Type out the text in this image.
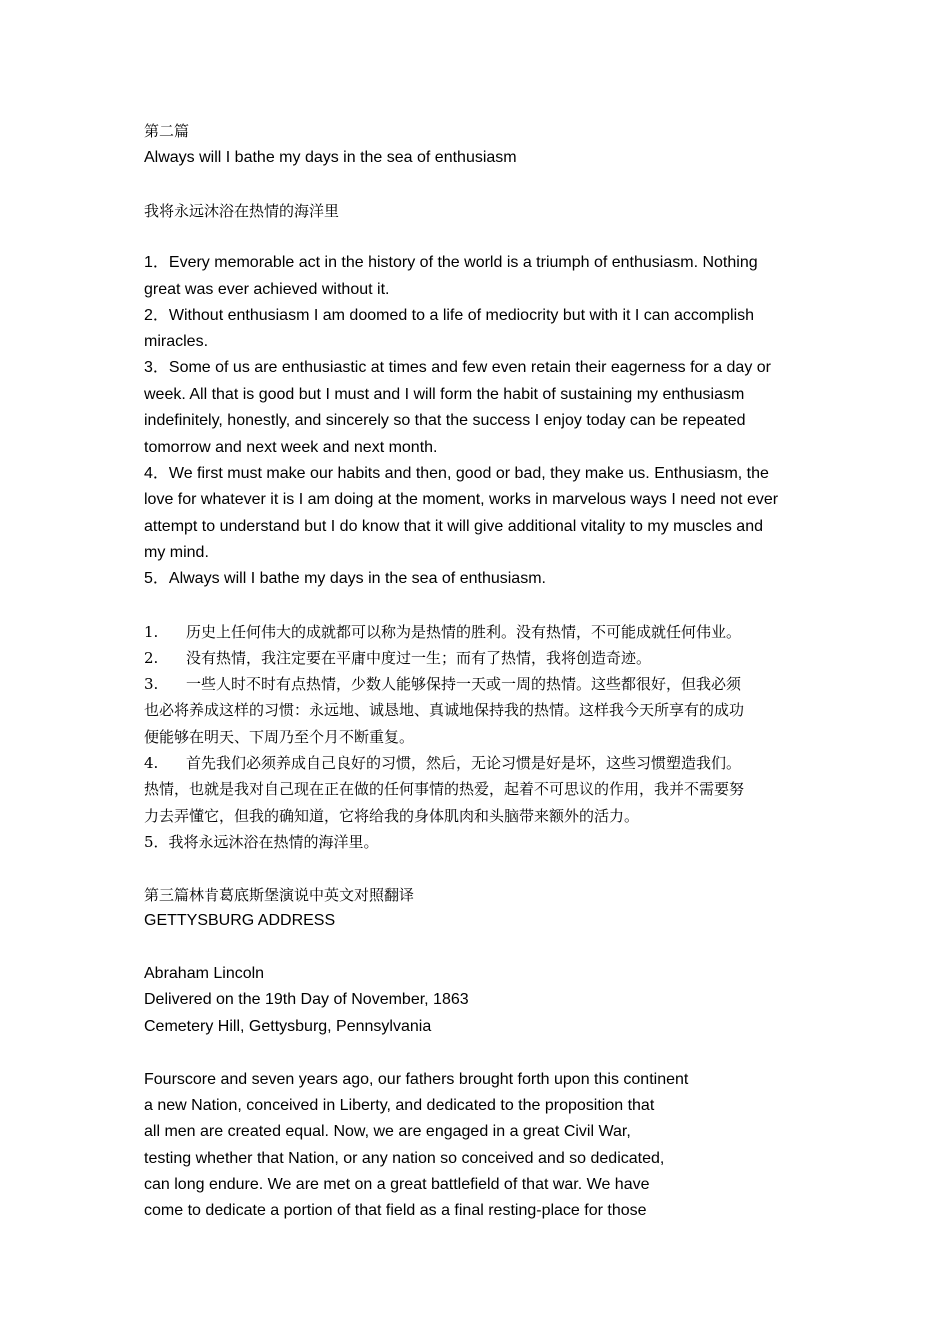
第二篇

Always will I bathe my days in the sea of enthusiasm

我将永远沐浴在热情的海洋里

1．Every memorable act in the history of the world is a triumph of enthusiasm. Nothing

great was ever achieved without it.

2．Without enthusiasm I am doomed to a life of mediocrity but with it I can accomplish

miracles.

3．Some of us are enthusiastic at times and few even retain their eagerness for a day or

week. All that is good but I must and I will form the habit of sustaining my enthusiasm

indefinitely, honestly, and sincerely so that the success I enjoy today can be repeated

tomorrow and next week and next month.

4．We first must make our habits and then, good or bad, they make us. Enthusiasm, the

love for whatever it is I am doing at the moment, works in marvelous ways I need not ever

attempt to understand but I do know that it will give additional vitality to my muscles and

my mind.

5．Always will I bathe my days in the sea of enthusiasm.

1. 历史上任何伟大的成就都可以称为是热情的胜利。没有热情，不可能成就任何伟业。

2. 没有热情，我注定要在平庸中度过一生；而有了热情，我将创造奇迹。

3. 一些人时不时有点热情，少数人能够保持一天或一周的热情。这些都很好，但我必须

也必将养成这样的习惯：永远地、诚恳地、真诚地保持我的热情。这样我今天所享有的成功

便能够在明天、下周乃至个月不断重复。

4. 首先我们必须养成自己良好的习惯，然后，无论习惯是好是坏，这些习惯塑造我们。

热情，也就是我对自己现在正在做的任何事情的热爱，起着不可思议的作用，我并不需要努

力去弄懂它，但我的确知道，它将给我的身体肌肉和头脑带来额外的活力。

5．我将永远沐浴在热情的海洋里。

第三篇林肯葛底斯堡演说中英文对照翻译

GETTYSBURG ADDRESS

Abraham Lincoln

Delivered on the 19th Day of November, 1863

Cemetery Hill, Gettysburg, Pennsylvania

Fourscore and seven years ago, our fathers brought forth upon this continent

a new Nation, conceived in Liberty, and dedicated to the proposition that

all men are created equal. Now, we are engaged in a great Civil War,

testing whether that Nation, or any nation so conceived and so dedicated,

can long endure. We are met on a great battlefield of that war. We have

come to dedicate a portion of that field as a final resting-place for those
